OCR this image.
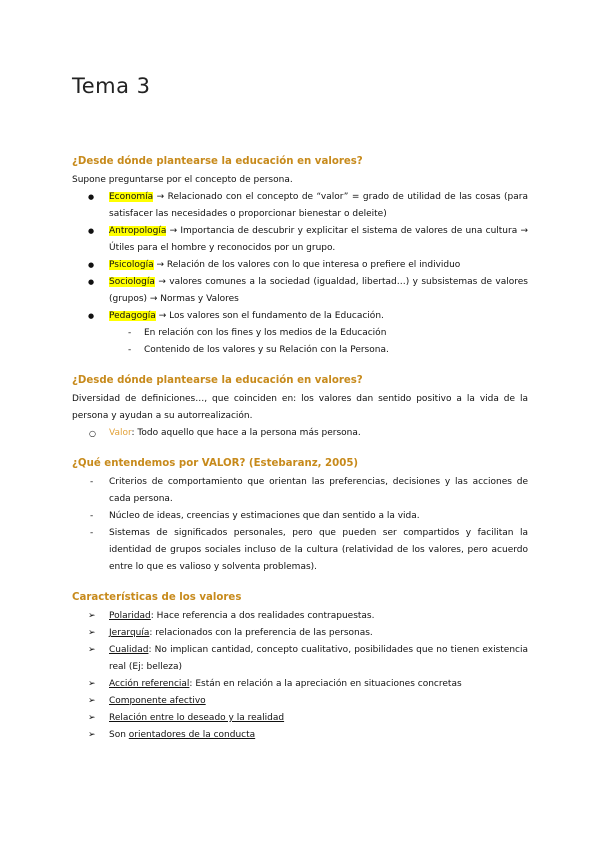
Tema 3
¿Desde dónde plantearse la educación en valores?

Supone preguntarse por el concepto de persona.

● Economía → Relacionado con el concepto de “valor” = grado de utilidad de las cosas (para satisfacer las necesidades o proporcionar bienestar o deleite)
● Antropología → Importancia de descubrir y explicitar el sistema de valores de una cultura → Útiles para el hombre y reconocidos por un grupo.
● Psicología → Relación de los valores con lo que interesa o prefiere el individuo
● Sociología → valores comunes a la sociedad (igualdad, libertad…) y subsistemas de valores (grupos) → Normas y Valores
● Pedagogía → Los valores son el fundamento de la Educación.
- En relación con los fines y los medios de la Educación
- Contenido de los valores y su Relación con la Persona.
¿Desde dónde plantearse la educación en valores?

Diversidad de definiciones…, que coinciden en: los valores dan sentido positivo a la vida de la persona y ayudan a su autorrealización.

○ Valor: Todo aquello que hace a la persona más persona.
¿Qué entendemos por VALOR? (Estebaranz, 2005)
- Criterios de comportamiento que orientan las preferencias, decisiones y las acciones de cada persona.
- Núcleo de ideas, creencias y estimaciones que dan sentido a la vida.
- Sistemas de significados personales, pero que pueden ser compartidos y facilitan la identidad de grupos sociales incluso de la cultura (relatividad de los valores, pero acuerdo entre lo que es valioso y solventa problemas).
Características de los valores
➢ Polaridad: Hace referencia a dos realidades contrapuestas.
➢ Jerarquía: relacionados con la preferencia de las personas.
➢ Cualidad: No implican cantidad, concepto cualitativo, posibilidades que no tienen existencia real (Ej: belleza)
➢ Acción referencial: Están en relación a la apreciación en situaciones concretas
➢ Componente afectivo
➢ Relación entre lo deseado y la realidad
➢ Son orientadores de la conducta
